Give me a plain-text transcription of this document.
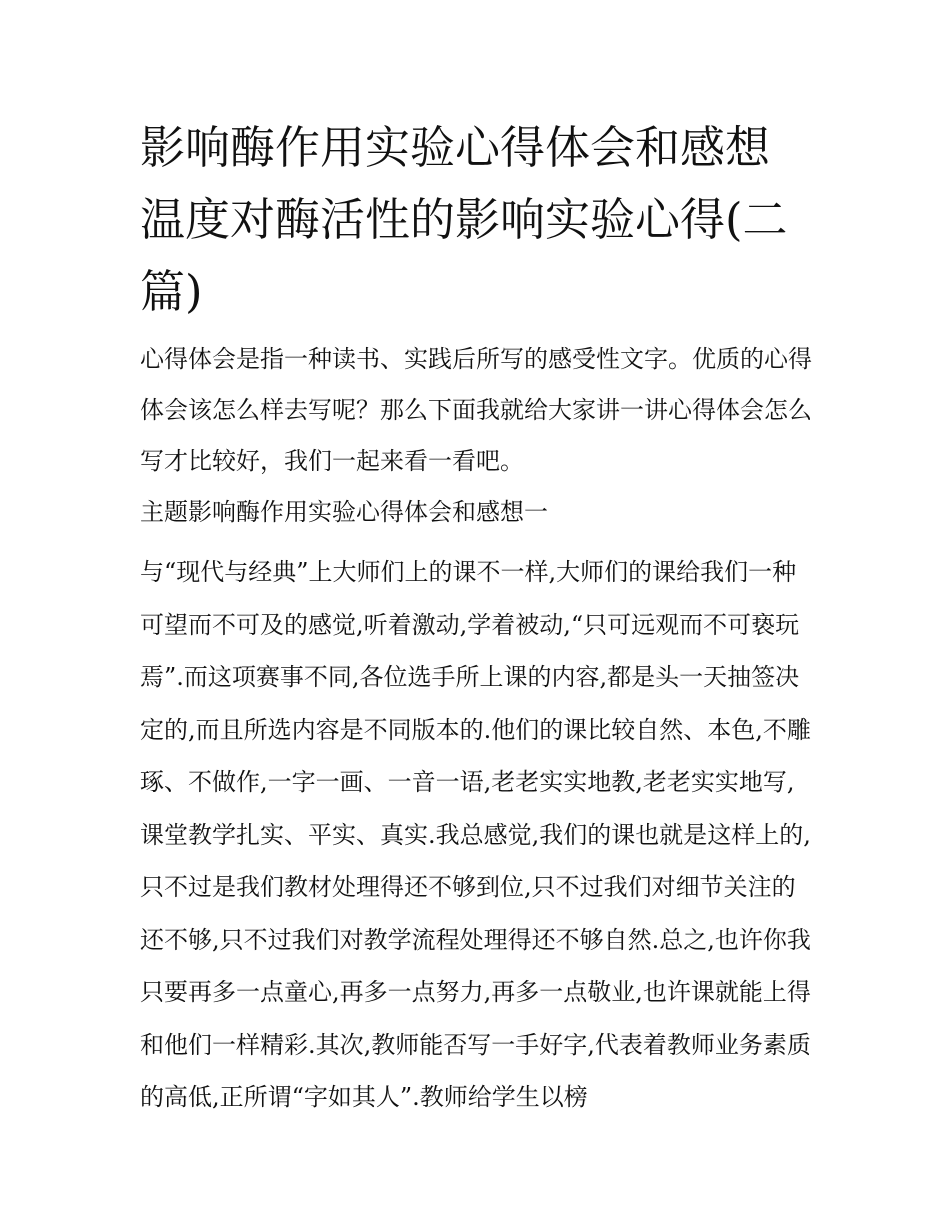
影响酶作用实验心得体会和感想 温度对酶活性的影响实验心得(二篇)

心得体会是指一种读书、实践后所写的感受性文字。优质的心得体会该怎么样去写呢？那么下面我就给大家讲一讲心得体会怎么写才比较好，我们一起来看一看吧。

主题影响酶作用实验心得体会和感想一

与“现代与经典”上大师们上的课不一样,大师们的课给我们一种可望而不可及的感觉,听着激动,学着被动,“只可远观而不可亵玩焉”.而这项赛事不同,各位选手所上课的内容,都是头一天抽签决定的,而且所选内容是不同版本的.他们的课比较自然、本色,不雕琢、不做作,一字一画、一音一语,老老实实地教,老老实实地写,课堂教学扎实、平实、真实.我总感觉,我们的课也就是这样上的,只不过是我们教材处理得还不够到位,只不过我们对细节关注的还不够,只不过我们对教学流程处理得还不够自然.总之,也许你我只要再多一点童心,再多一点努力,再多一点敬业,也许课就能上得和他们一样精彩.其次,教师能否写一手好字,代表着教师业务素质的高低,正所谓“字如其人”.教师给学生以榜
